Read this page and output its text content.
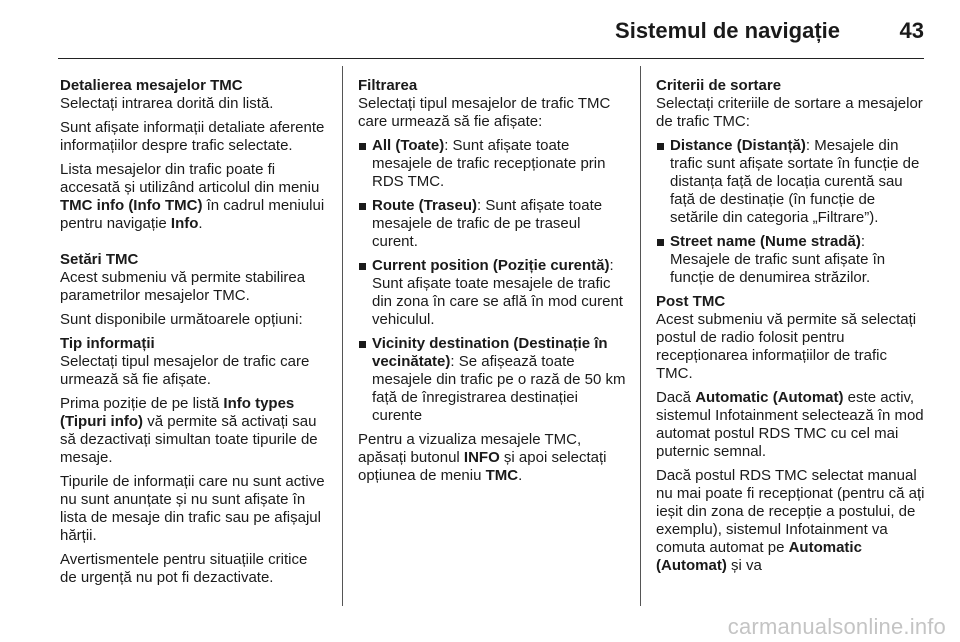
Sistemul de navigație	43
Detalierea mesajelor TMC

Selectați intrarea dorită din listă.

Sunt afișate informații detaliate aferente informațiilor despre trafic selectate.

Lista mesajelor din trafic poate fi accesată și utilizând articolul din meniu TMC info (Info TMC) în cadrul meniului pentru navigație Info.

Setări TMC

Acest submeniu vă permite stabilirea parametrilor mesajelor TMC.

Sunt disponibile următoarele opțiuni:

Tip informații

Selectați tipul mesajelor de trafic care urmează să fie afișate.

Prima poziție de pe listă Info types (Tipuri info) vă permite să activați sau să dezactivați simultan toate tipurile de mesaje.

Tipurile de informații care nu sunt active nu sunt anunțate și nu sunt afișate în lista de mesaje din trafic sau pe afișajul hărții.

Avertismentele pentru situațiile critice de urgență nu pot fi dezactivate.

Filtrarea

Selectați tipul mesajelor de trafic TMC care urmează să fie afișate:

All (Toate): Sunt afișate toate mesajele de trafic recepționate prin RDS TMC.
Route (Traseu): Sunt afișate toate mesajele de trafic de pe traseul curent.
Current position (Poziție curentă): Sunt afișate toate mesajele de trafic din zona în care se află în mod curent vehiculul.
Vicinity destination (Destinație în vecinătate): Se afișează toate mesajele din trafic pe o rază de 50 km față de înregistrarea destinației curente

Pentru a vizualiza mesajele TMC, apăsați butonul INFO și apoi selectați opțiunea de meniu TMC.

Criterii de sortare

Selectați criteriile de sortare a mesajelor de trafic TMC:

Distance (Distanță): Mesajele din trafic sunt afișate sortate în funcție de distanța față de locația curentă sau față de destinație (în funcție de setările din categoria „Filtrare”).
Street name (Nume stradă): Mesajele de trafic sunt afișate în funcție de denumirea străzilor.
Post TMC

Acest submeniu vă permite să selectați postul de radio folosit pentru recepționarea informațiilor de trafic TMC.

Dacă Automatic (Automat) este activ, sistemul Infotainment selectează în mod automat postul RDS TMC cu cel mai puternic semnal.

Dacă postul RDS TMC selectat manual nu mai poate fi recepționat (pentru că ați ieșit din zona de recepție a postului, de exemplu), sistemul Infotainment va comuta automat pe Automatic (Automat) și va

carmanualsonline.info
